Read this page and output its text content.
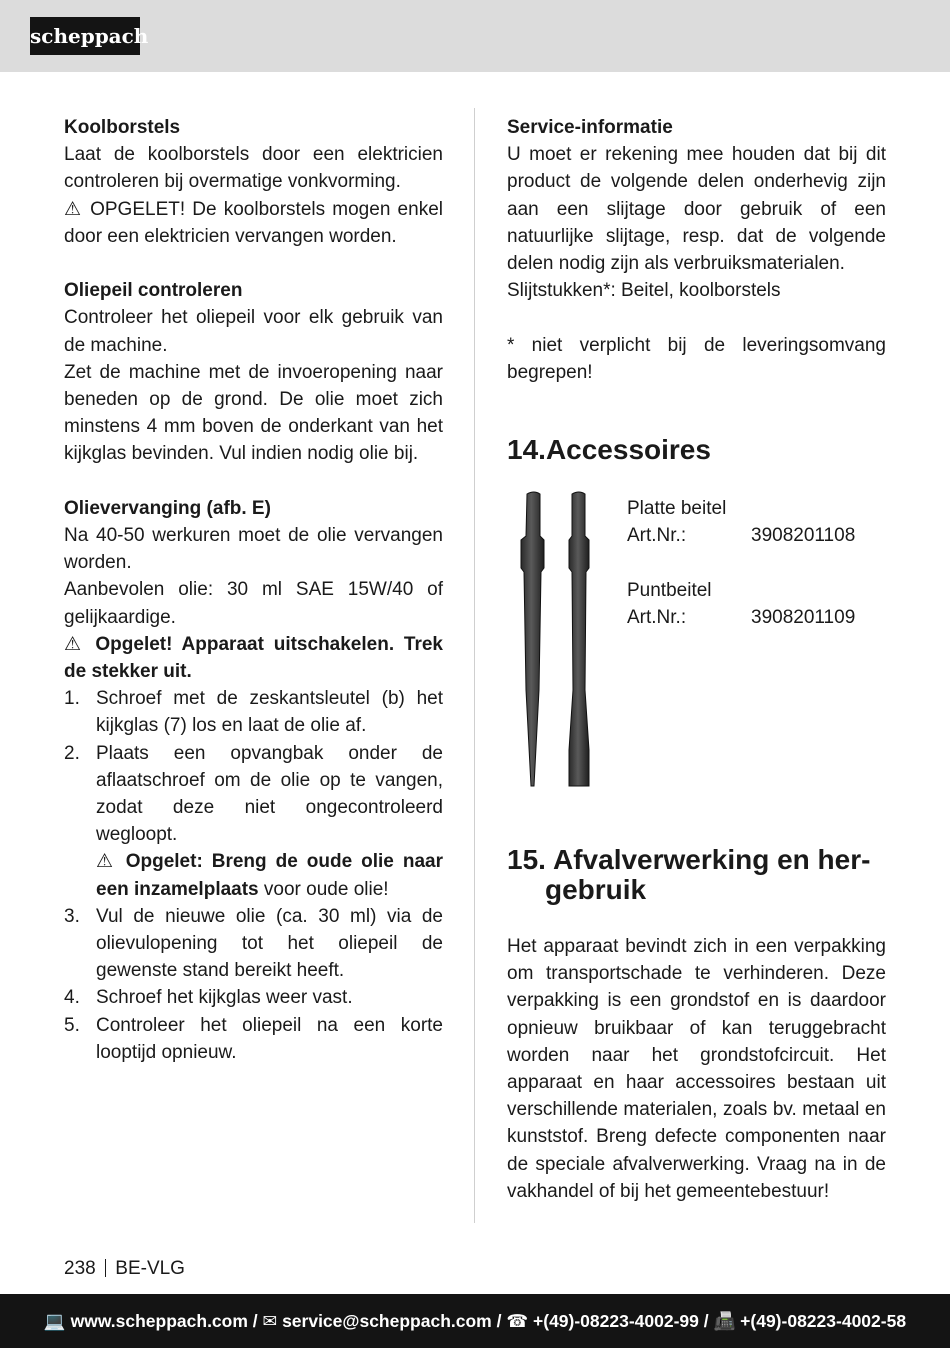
scheppach
Koolborstels

Laat de koolborstels door een elektricien controleren bij overmatige vonkvorming.

⚠ OPGELET! De koolborstels mogen enkel door een elektricien vervangen worden.

Oliepeil controleren

Controleer het oliepeil voor elk gebruik van de machine.

Zet de machine met de invoeropening naar beneden op de grond. De olie moet zich minstens 4 mm boven de onderkant van het kijkglas bevinden. Vul indien nodig olie bij.

Olievervanging (afb. E)

Na 40-50 werkuren moet de olie vervangen worden.

Aanbevolen olie: 30 ml SAE 15W/40 of gelijkaardige.

⚠ Opgelet! Apparaat uitschakelen. Trek de stekker uit.

1. Schroef met de zeskantsleutel (b) het kijkglas (7) los en laat de olie af.
2. Plaats een opvangbak onder de aflaatschroef om de olie op te vangen, zodat deze niet ongecontroleerd wegloopt.
⚠ Opgelet: Breng de oude olie naar een inzamelplaats voor oude olie!
3. Vul de nieuwe olie (ca. 30 ml) via de olievulopening tot het oliepeil de gewenste stand bereikt heeft.
4. Schroef het kijkglas weer vast.
5. Controleer het oliepeil na een korte looptijd opnieuw.
Service-informatie

U moet er rekening mee houden dat bij dit product de volgende delen onderhevig zijn aan een slijtage door gebruik of een natuurlijke slijtage, resp. dat de volgende delen nodig zijn als verbruiksmaterialen.

Slijtstukken*: Beitel, koolborstels

* niet verplicht bij de leveringsomvang begrepen!

14.Accessoires
15. Afvalverwerking en her-
gebruik

Het apparaat bevindt zich in een verpakking om transportschade te verhinderen. Deze verpakking is een grondstof en is daardoor opnieuw bruikbaar of kan teruggebracht worden naar het grondstofcircuit. Het apparaat en haar accessoires bestaan uit verschillende materialen, zoals bv. metaal en kunststof. Breng defecte componenten naar de speciale afvalverwerking. Vraag na in de vakhandel of bij het gemeentebestuur!

Platte beitel
Art.Nr.:	3908201108
Puntbeitel
Art.Nr.:	3908201109
238 BE-VLG
💻 www.scheppach.com / ✉ service@scheppach.com / ☎ +(49)-08223-4002-99 / 📠 +(49)-08223-4002-58
